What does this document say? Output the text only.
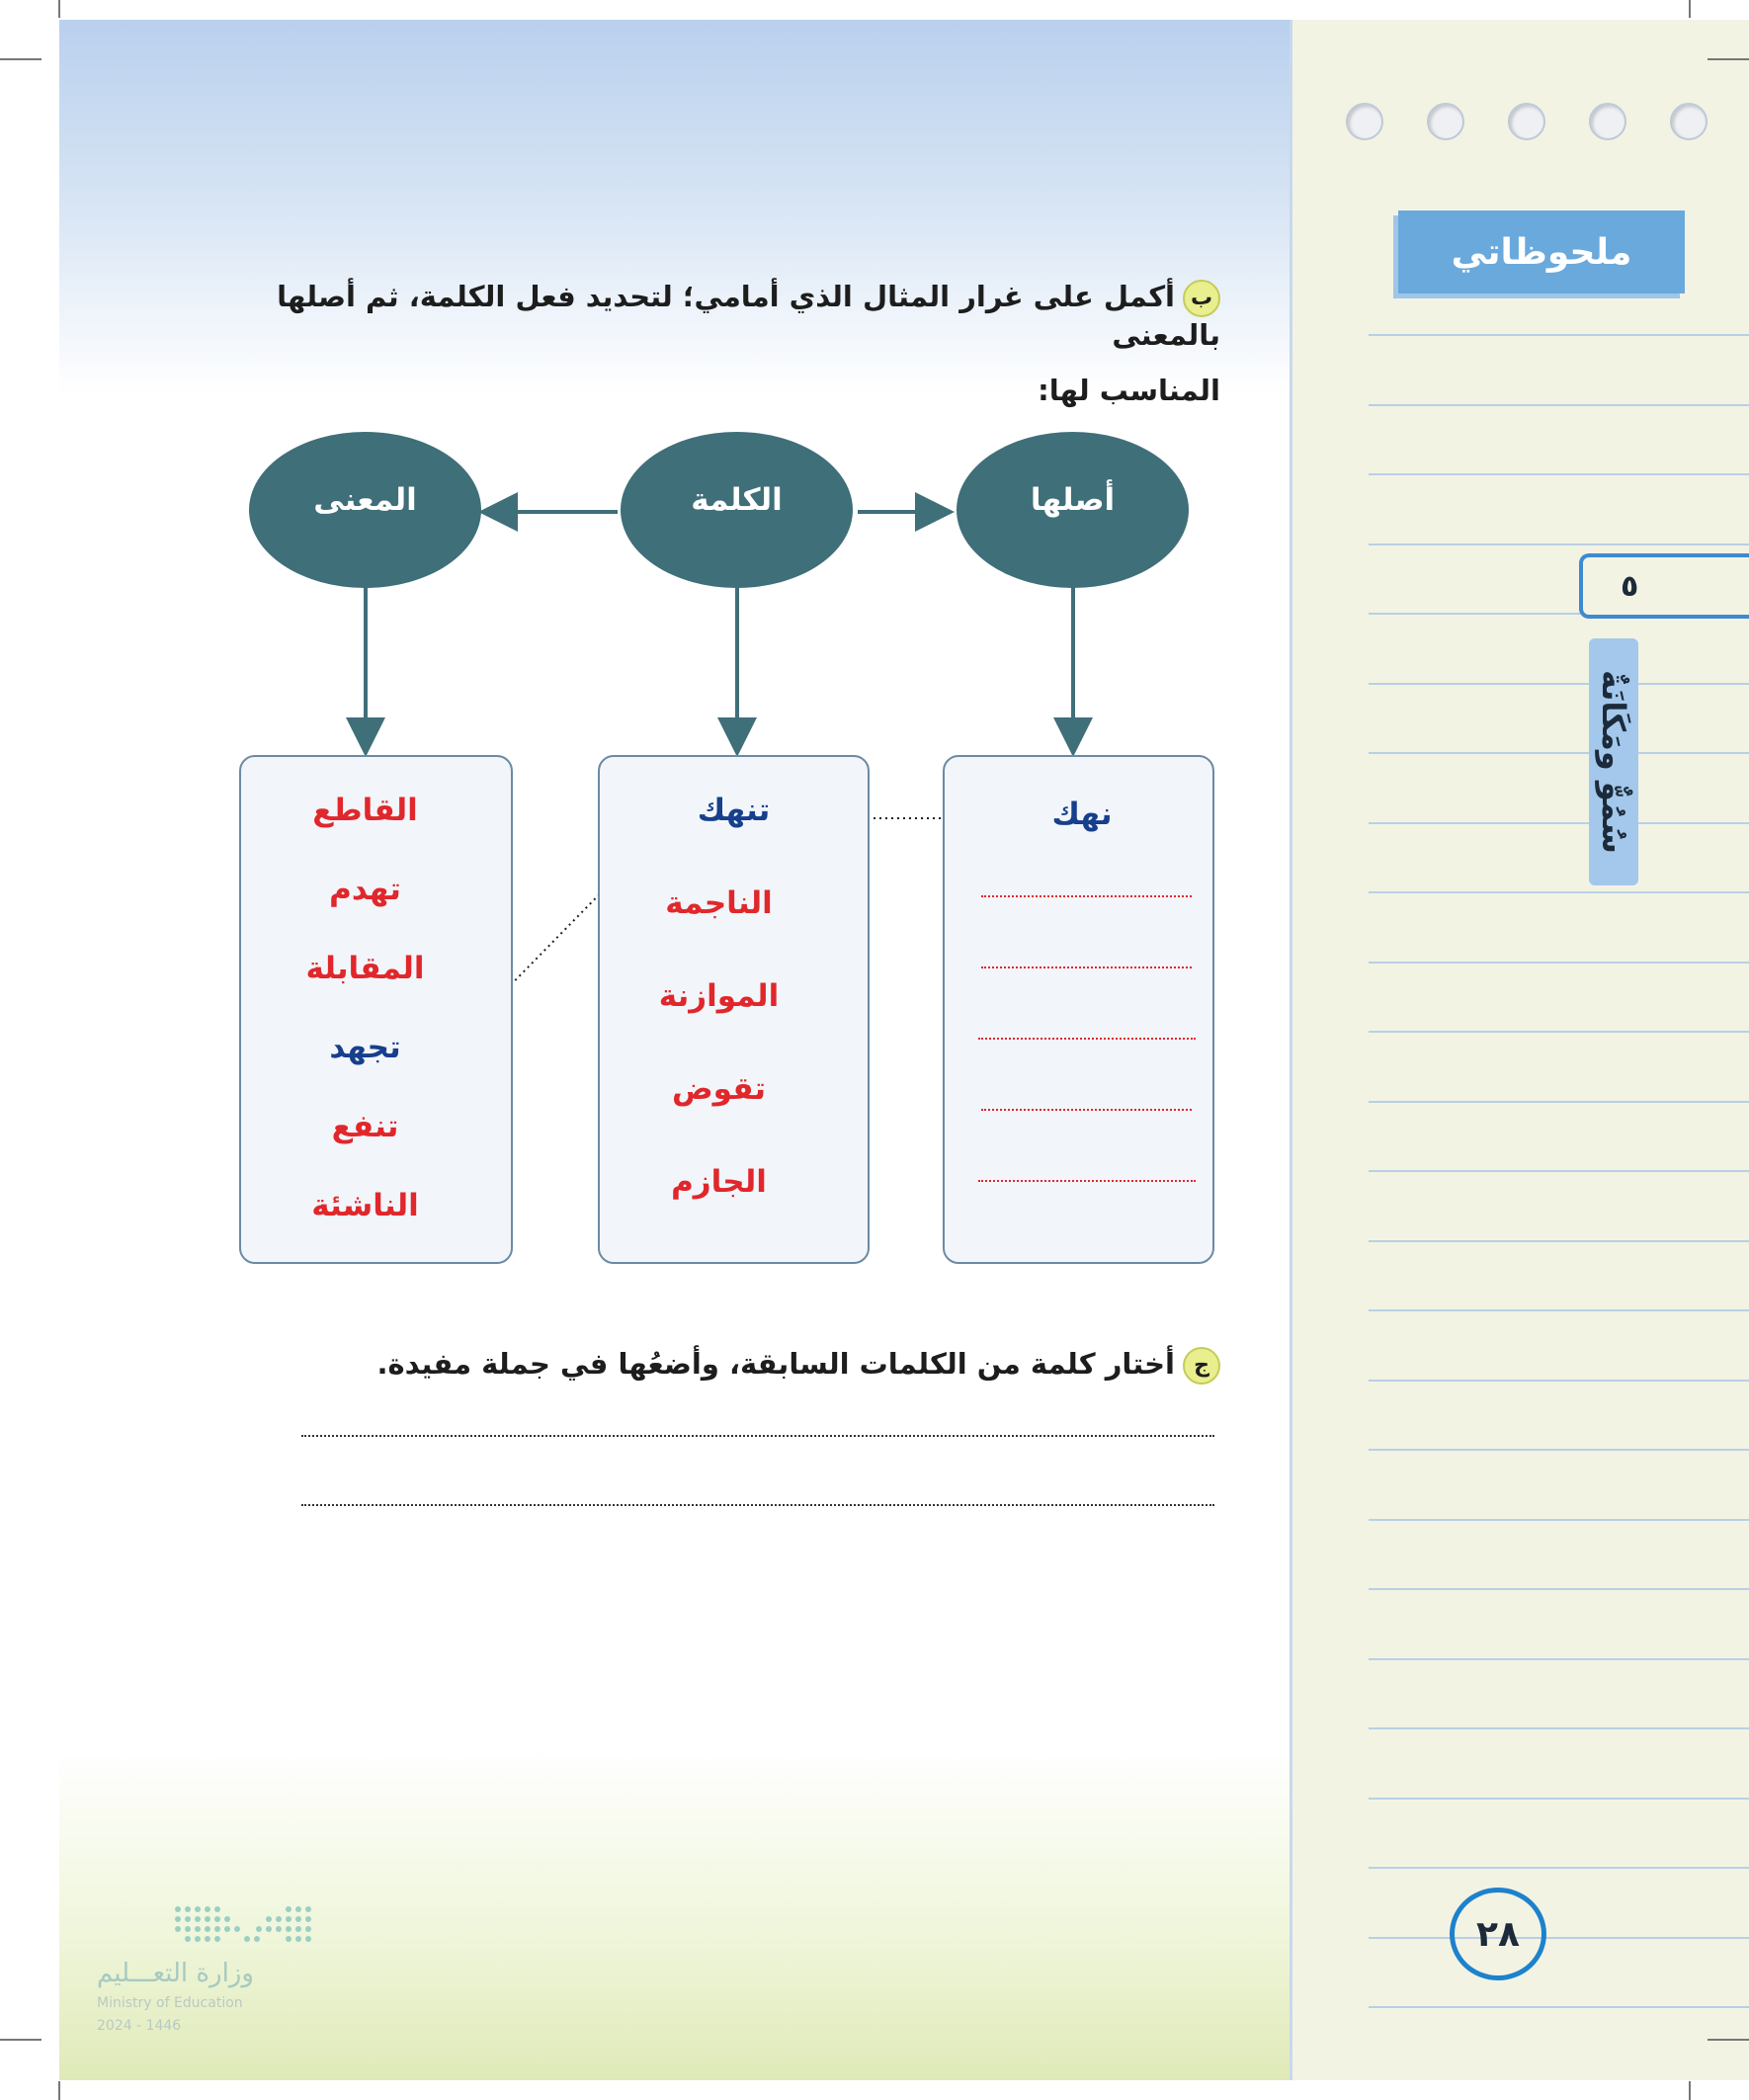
ملحوظاتي
٥
سُمُوٌّ ومَكَانَةٌ
٢٨
بأكمل على غرار المثال الذي أمامي؛ لتحديد فعل الكلمة، ثم أصلها بالمعنى
المناسب لها:
أصلها
الكلمة
المعنى
نهك
تنهك
الناجمة
الموازنة
تقوض
الجازم
القاطع
تهدم
المقابلة
تجهد
تنفع
الناشئة
جأختار كلمة من الكلمات السابقة، وأضعُها في جملة مفيدة.
وزارة التعـــليم
Ministry of Education
2024 - 1446
